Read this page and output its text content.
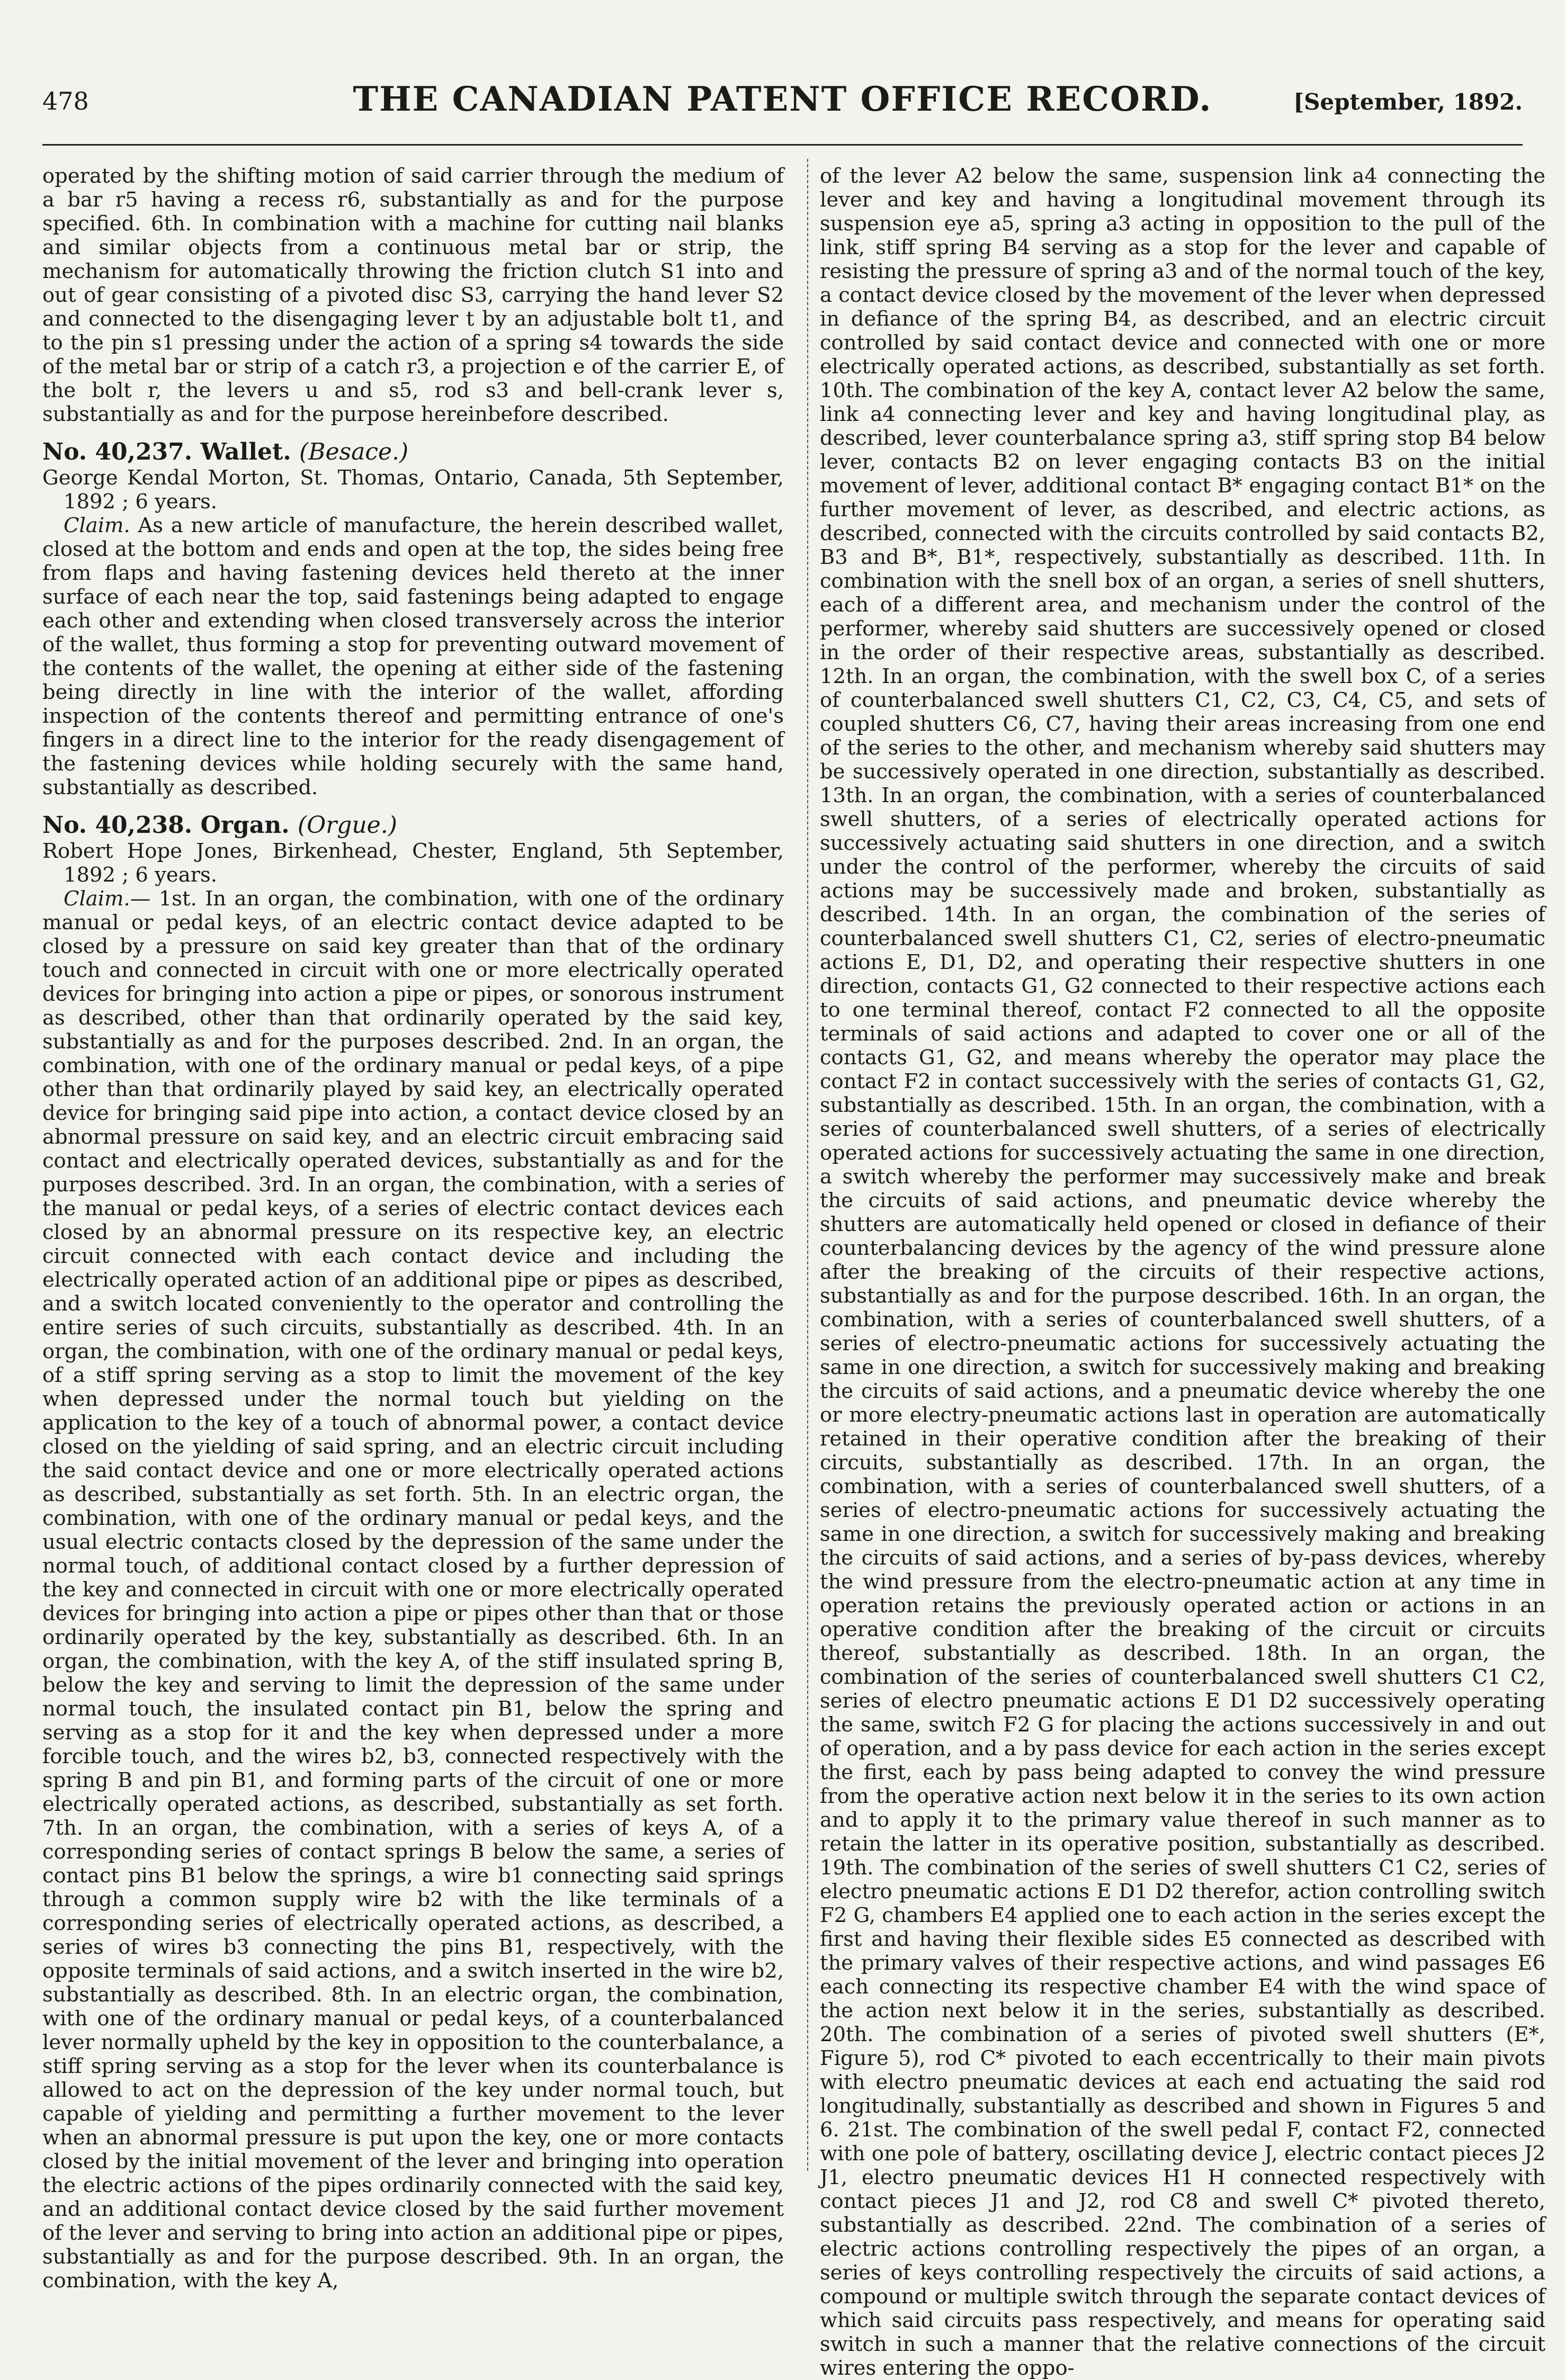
478	THE CANADIAN PATENT OFFICE RECORD.	[September, 1892.

operated by the shifting motion of said carrier through the medium of a bar r5 having a recess r6, substantially as and for the purpose specified. 6th. In combination with a machine for cutting nail blanks and similar objects from a continuous metal bar or strip, the mechanism for automatically throwing the friction clutch S1 into and out of gear consisting of a pivoted disc S3, carrying the hand lever S2 and connected to the disengaging lever t by an adjustable bolt t1, and to the pin s1 pressing under the action of a spring s4 towards the side of the metal bar or strip of a catch r3, a projection e of the carrier E, of the bolt r, the levers u and s5, rod s3 and bell-crank lever s, substantially as and for the purpose hereinbefore described.

No. 40,237. Wallet. (Besace.)

George Kendal Morton, St. Thomas, Ontario, Canada, 5th September, 1892 ; 6 years.

Claim. As a new article of manufacture, the herein described wallet, closed at the bottom and ends and open at the top, the sides being free from flaps and having fastening devices held thereto at the inner surface of each near the top, said fastenings being adapted to engage each other and extending when closed transversely across the interior of the wallet, thus forming a stop for preventing outward movement of the contents of the wallet, the opening at either side of the fastening being directly in line with the interior of the wallet, affording inspection of the contents thereof and permitting entrance of one's fingers in a direct line to the interior for the ready disengagement of the fastening devices while holding securely with the same hand, substantially as described.

No. 40,238. Organ. (Orgue.)

Robert Hope Jones, Birkenhead, Chester, England, 5th September, 1892 ; 6 years.

Claim.— 1st. In an organ, the combination, with one of the ordinary manual or pedal keys, of an electric contact device adapted to be closed by a pressure on said key greater than that of the ordinary touch and connected in circuit with one or more electrically operated devices for bringing into action a pipe or pipes, or sonorous instrument as described, other than that ordinarily operated by the said key, substantially as and for the purposes described. 2nd. In an organ, the combination, with one of the ordinary manual or pedal keys, of a pipe other than that ordinarily played by said key, an electrically operated device for bringing said pipe into action, a contact device closed by an abnormal pressure on said key, and an electric circuit embracing said contact and electrically operated devices, substantially as and for the purposes described. 3rd. In an organ, the combination, with a series of the manual or pedal keys, of a series of electric contact devices each closed by an abnormal pressure on its respective key, an electric circuit connected with each contact device and including the electrically operated action of an additional pipe or pipes as described, and a switch located conveniently to the operator and controlling the entire series of such circuits, substantially as described. 4th. In an organ, the combination, with one of the ordinary manual or pedal keys, of a stiff spring serving as a stop to limit the movement of the key when depressed under the normal touch but yielding on the application to the key of a touch of abnormal power, a contact device closed on the yielding of said spring, and an electric circuit including the said contact device and one or more electrically operated actions as described, substantially as set forth. 5th. In an electric organ, the combination, with one of the ordinary manual or pedal keys, and the usual electric contacts closed by the depression of the same under the normal touch, of additional contact closed by a further depression of the key and connected in circuit with one or more electrically operated devices for bringing into action a pipe or pipes other than that or those ordinarily operated by the key, substantially as described. 6th. In an organ, the combination, with the key A, of the stiff insulated spring B, below the key and serving to limit the depression of the same under normal touch, the insulated contact pin B1, below the spring and serving as a stop for it and the key when depressed under a more forcible touch, and the wires b2, b3, connected respectively with the spring B and pin B1, and forming parts of the circuit of one or more electrically operated actions, as described, substantially as set forth. 7th. In an organ, the combination, with a series of keys A, of a corresponding series of contact springs B below the same, a series of contact pins B1 below the springs, a wire b1 connecting said springs through a common supply wire b2 with the like terminals of a corresponding series of electrically operated actions, as described, a series of wires b3 connecting the pins B1, respectively, with the opposite terminals of said actions, and a switch inserted in the wire b2, substantially as described. 8th. In an electric organ, the combination, with one of the ordinary manual or pedal keys, of a counterbalanced lever normally upheld by the key in opposition to the counterbalance, a stiff spring serving as a stop for the lever when its counterbalance is allowed to act on the depression of the key under normal touch, but capable of yielding and permitting a further movement to the lever when an abnormal pressure is put upon the key, one or more contacts closed by the initial movement of the lever and bringing into operation the electric actions of the pipes ordinarily connected with the said key, and an additional contact device closed by the said further movement of the lever and serving to bring into action an additional pipe or pipes, substantially as and for the purpose described. 9th. In an organ, the combination, with the key A,

of the lever A2 below the same, suspension link a4 connecting the lever and key and having a longitudinal movement through its suspension eye a5, spring a3 acting in opposition to the pull of the link, stiff spring B4 serving as a stop for the lever and capable of resisting the pressure of spring a3 and of the normal touch of the key, a contact device closed by the movement of the lever when depressed in defiance of the spring B4, as described, and an electric circuit controlled by said contact device and connected with one or more electrically operated actions, as described, substantially as set forth. 10th. The combination of the key A, contact lever A2 below the same, link a4 connecting lever and key and having longitudinal play, as described, lever counterbalance spring a3, stiff spring stop B4 below lever, contacts B2 on lever engaging contacts B3 on the initial movement of lever, additional contact B* engaging contact B1* on the further movement of lever, as described, and electric actions, as described, connected with the circuits controlled by said contacts B2, B3 and B*, B1*, respectively, substantially as described. 11th. In combination with the snell box of an organ, a series of snell shutters, each of a different area, and mechanism under the control of the performer, whereby said shutters are successively opened or closed in the order of their respective areas, substantially as described. 12th. In an organ, the combination, with the swell box C, of a series of counterbalanced swell shutters C1, C2, C3, C4, C5, and sets of coupled shutters C6, C7, having their areas increasing from one end of the series to the other, and mechanism whereby said shutters may be successively operated in one direction, substantially as described. 13th. In an organ, the combination, with a series of counterbalanced swell shutters, of a series of electrically operated actions for successively actuating said shutters in one direction, and a switch under the control of the performer, whereby the circuits of said actions may be successively made and broken, substantially as described. 14th. In an organ, the combination of the series of counterbalanced swell shutters C1, C2, series of electro-pneumatic actions E, D1, D2, and operating their respective shutters in one direction, contacts G1, G2 connected to their respective actions each to one terminal thereof, contact F2 connected to all the opposite terminals of said actions and adapted to cover one or all of the contacts G1, G2, and means whereby the operator may place the contact F2 in contact successively with the series of contacts G1, G2, substantially as described. 15th. In an organ, the combination, with a series of counterbalanced swell shutters, of a series of electrically operated actions for successively actuating the same in one direction, a switch whereby the performer may successively make and break the circuits of said actions, and pneumatic device whereby the shutters are automatically held opened or closed in defiance of their counterbalancing devices by the agency of the wind pressure alone after the breaking of the circuits of their respective actions, substantially as and for the purpose described. 16th. In an organ, the combination, with a series of counterbalanced swell shutters, of a series of electro-pneumatic actions for successively actuating the same in one direction, a switch for successively making and breaking the circuits of said actions, and a pneumatic device whereby the one or more electry-pneumatic actions last in operation are automatically retained in their operative condition after the breaking of their circuits, substantially as described. 17th. In an organ, the combination, with a series of counterbalanced swell shutters, of a series of electro-pneumatic actions for successively actuating the same in one direction, a switch for successively making and breaking the circuits of said actions, and a series of by-pass devices, whereby the wind pressure from the electro-pneumatic action at any time in operation retains the previously operated action or actions in an operative condition after the breaking of the circuit or circuits thereof, substantially as described. 18th. In an organ, the combination of the series of counterbalanced swell shutters C1 C2, series of electro pneumatic actions E D1 D2 successively operating the same, switch F2 G for placing the actions successively in and out of operation, and a by pass device for each action in the series except the first, each by pass being adapted to convey the wind pressure from the operative action next below it in the series to its own action and to apply it to the primary value thereof in such manner as to retain the latter in its operative position, substantially as described. 19th. The combination of the series of swell shutters C1 C2, series of electro pneumatic actions E D1 D2 therefor, action controlling switch F2 G, chambers E4 applied one to each action in the series except the first and having their flexible sides E5 connected as described with the primary valves of their respective actions, and wind passages E6 each connecting its respective chamber E4 with the wind space of the action next below it in the series, substantially as described. 20th. The combination of a series of pivoted swell shutters (E*, Figure 5), rod C* pivoted to each eccentrically to their main pivots with electro pneumatic devices at each end actuating the said rod longitudinally, substantially as described and shown in Figures 5 and 6. 21st. The combination of the swell pedal F, contact F2, connected with one pole of battery, oscillating device J, electric contact pieces J2 J1, electro pneumatic devices H1 H connected respectively with contact pieces J1 and J2, rod C8 and swell C* pivoted thereto, substantially as described. 22nd. The combination of a series of electric actions controlling respectively the pipes of an organ, a series of keys controlling respectively the circuits of said actions, a compound or multiple switch through the separate contact devices of which said circuits pass respectively, and means for operating said switch in such a manner that the relative connections of the circuit wires entering the oppo-
